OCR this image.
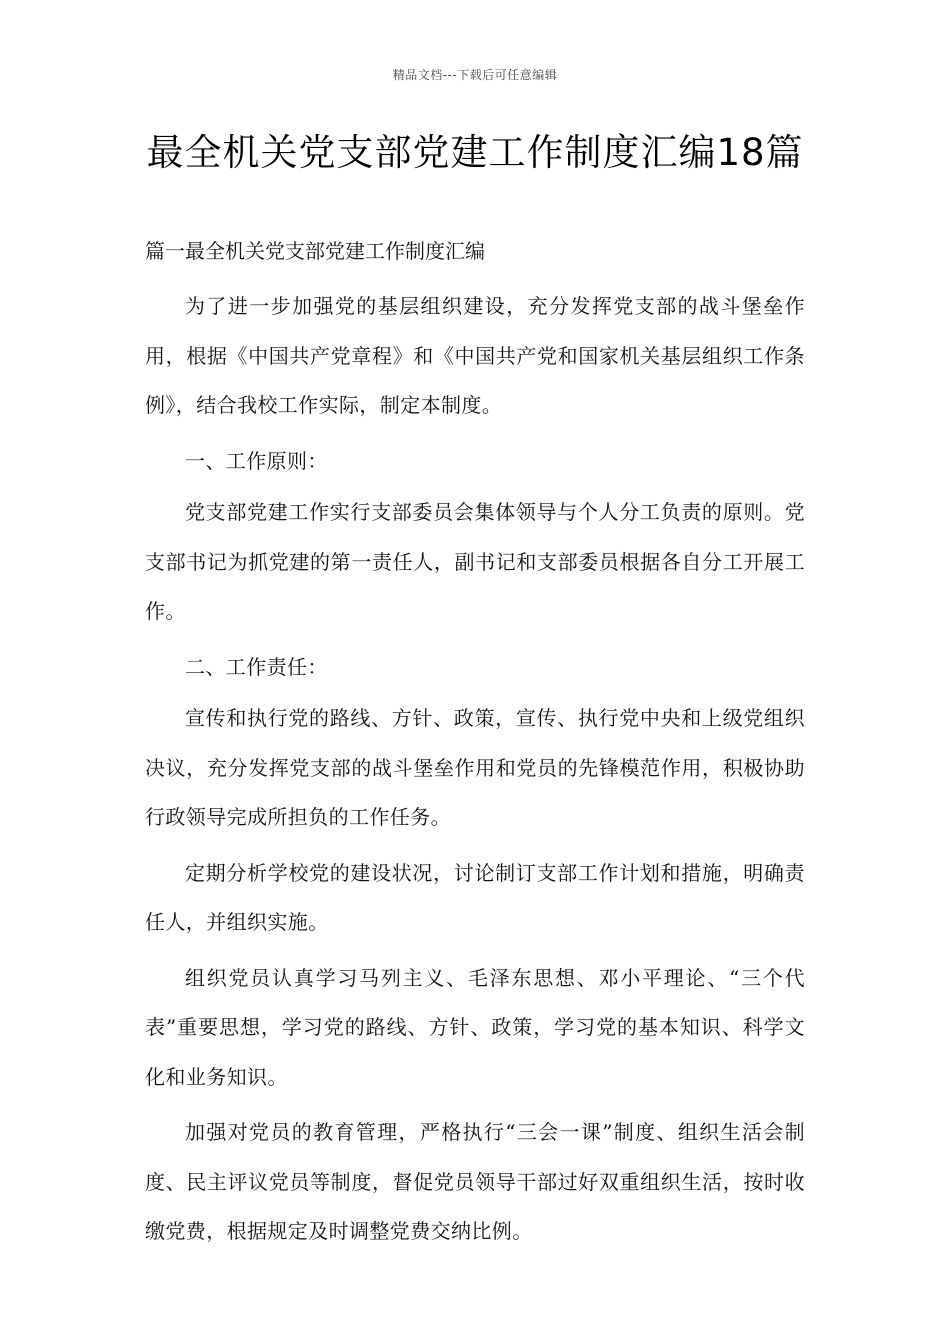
精品文档---下载后可任意编辑
最全机关党支部党建工作制度汇编18篇

篇一最全机关党支部党建工作制度汇编

为了进一步加强党的基层组织建设，充分发挥党支部的战斗堡垒作用，根据《中国共产党章程》和《中国共产党和国家机关基层组织工作条例》，结合我校工作实际，制定本制度。

一、工作原则：

党支部党建工作实行支部委员会集体领导与个人分工负责的原则。党支部书记为抓党建的第一责任人，副书记和支部委员根据各自分工开展工作。

二、工作责任：

宣传和执行党的路线、方针、政策，宣传、执行党中央和上级党组织决议，充分发挥党支部的战斗堡垒作用和党员的先锋模范作用，积极协助行政领导完成所担负的工作任务。

定期分析学校党的建设状况，讨论制订支部工作计划和措施，明确责任人，并组织实施。

组织党员认真学习马列主义、毛泽东思想、邓小平理论、“三个代表”重要思想，学习党的路线、方针、政策，学习党的基本知识、科学文化和业务知识。

加强对党员的教育管理，严格执行“三会一课”制度、组织生活会制度、民主评议党员等制度，督促党员领导干部过好双重组织生活，按时收缴党费，根据规定及时调整党费交纳比例。
